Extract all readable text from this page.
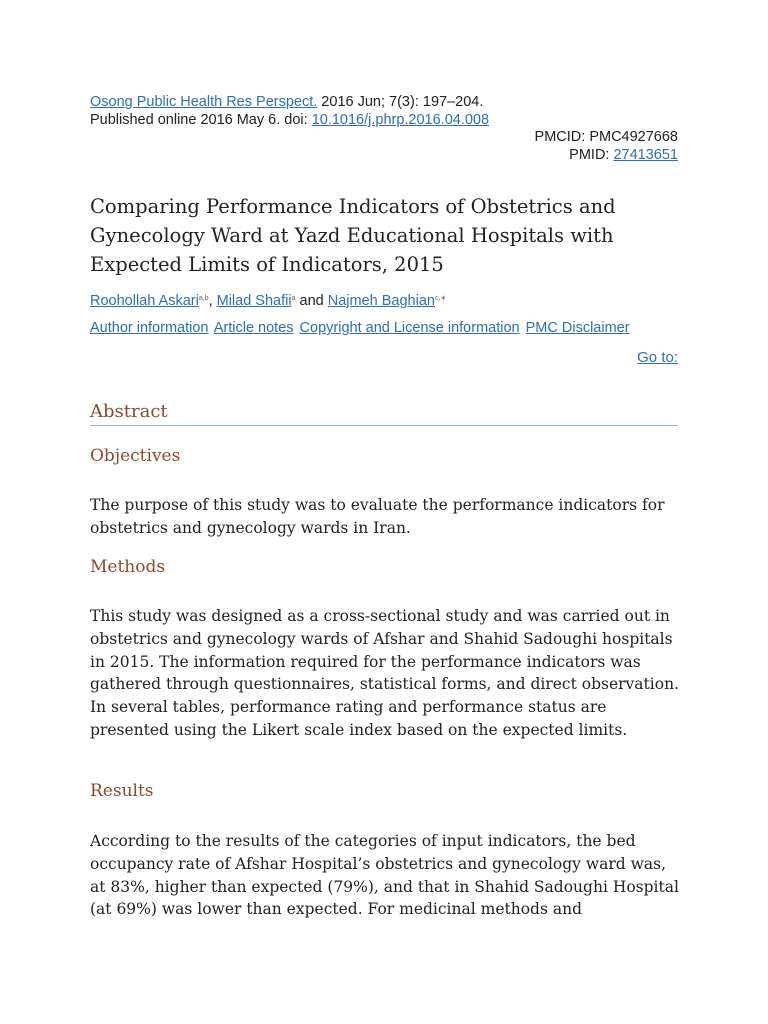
Osong Public Health Res Perspect. 2016 Jun; 7(3): 197–204.
Published online 2016 May 6. doi: 10.1016/j.phrp.2016.04.008
PMCID: PMC4927668
PMID: 27413651
Comparing Performance Indicators of Obstetrics and Gynecology Ward at Yazd Educational Hospitals with Expected Limits of Indicators, 2015
Roohollah Askari$^{a,b}$, Milad Shafii$^a$ and Najmeh Baghian$^{c,∗}$
Author information Article notes Copyright and License information PMC Disclaimer
Go to:
Abstract
Objectives

The purpose of this study was to evaluate the performance indicators for obstetrics and gynecology wards in Iran.

Methods

This study was designed as a cross-sectional study and was carried out in obstetrics and gynecology wards of Afshar and Shahid Sadoughi hospitals in 2015. The information required for the performance indicators was gathered through questionnaires, statistical forms, and direct observation. In several tables, performance rating and performance status are presented using the Likert scale index based on the expected limits.

Results

According to the results of the categories of input indicators, the bed occupancy rate of Afshar Hospital’s obstetrics and gynecology ward was, at 83%, higher than expected (79%), and that in Shahid Sadoughi Hospital (at 69%) was lower than expected. For medicinal methods and
